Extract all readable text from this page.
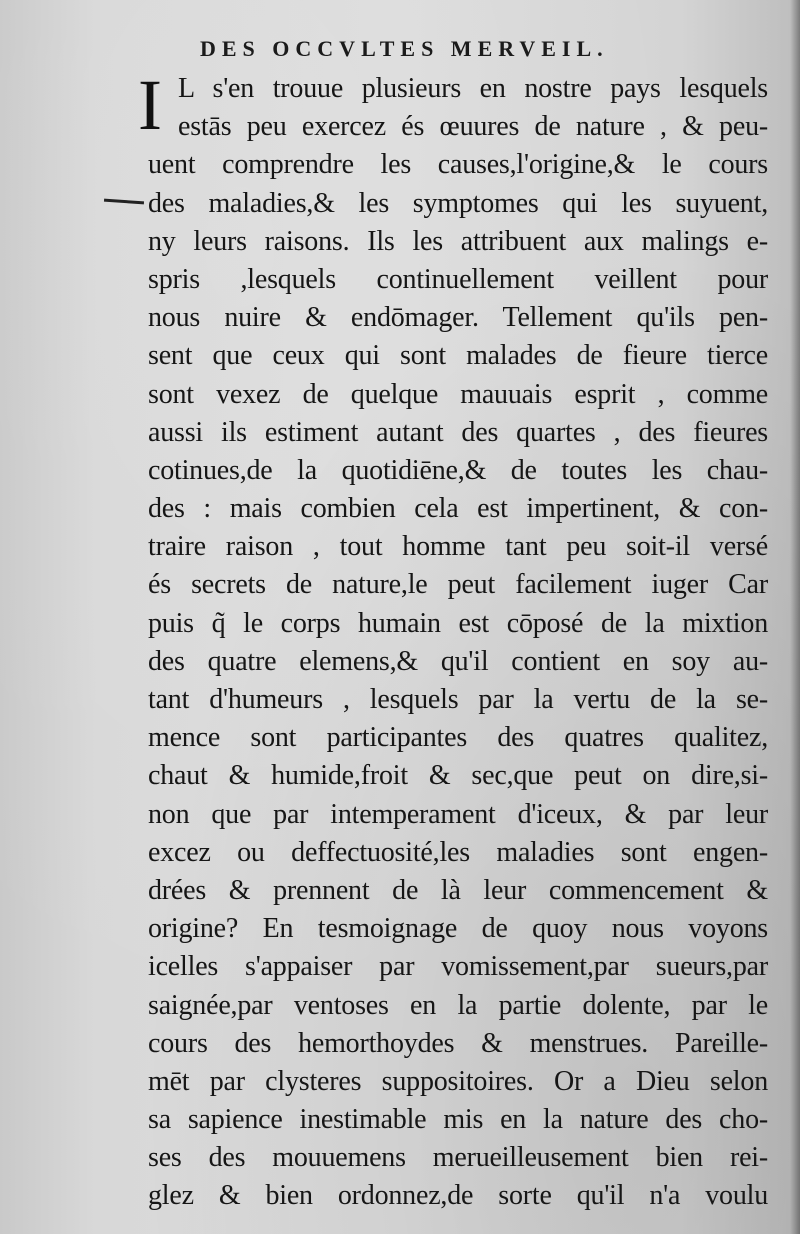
DES OCCVLTES MERVEIL.
I L s'en trouue plusieurs en nostre pays lesquels
estās peu exercez és œuures de nature , & peu-
uent comprendre les causes,l'origine,& le cours
des maladies,& les symptomes qui les suyuent,
ny leurs raisons. Ils les attribuent aux malings e-
spris ,lesquels continuellement veillent pour
nous nuire & endōmager. Tellement qu'ils pen-
sent que ceux qui sont malades de fieure tierce
sont vexez de quelque mauuais esprit , comme
aussi ils estiment autant des quartes , des fieures
cotinues,de la quotidiēne,& de toutes les chau-
des : mais combien cela est impertinent, & con-
traire raison , tout homme tant peu soit-il versé
és secrets de nature,le peut facilement iuger Car
puis q̃ le corps humain est cōposé de la mixtion
des quatre elemens,& qu'il contient en soy au-
tant d'humeurs , lesquels par la vertu de la se-
mence sont participantes des quatres qualitez,
chaut & humide,froit & sec,que peut on dire,si-
non que par intemperament d'iceux, & par leur
excez ou deffectuosité,les maladies sont engen-
drées & prennent de là leur commencement &
origine? En tesmoignage de quoy nous voyons
icelles s'appaiser par vomissement,par sueurs,par
saignée,par ventoses en la partie dolente, par le
cours des hemorthoydes & menstrues. Pareille-
mēt par clysteres suppositoires. Or a Dieu selon
sa sapience inestimable mis en la nature des cho-
ses des mouuemens merueilleusement bien rei-
glez & bien ordonnez,de sorte qu'il n'a voulu
